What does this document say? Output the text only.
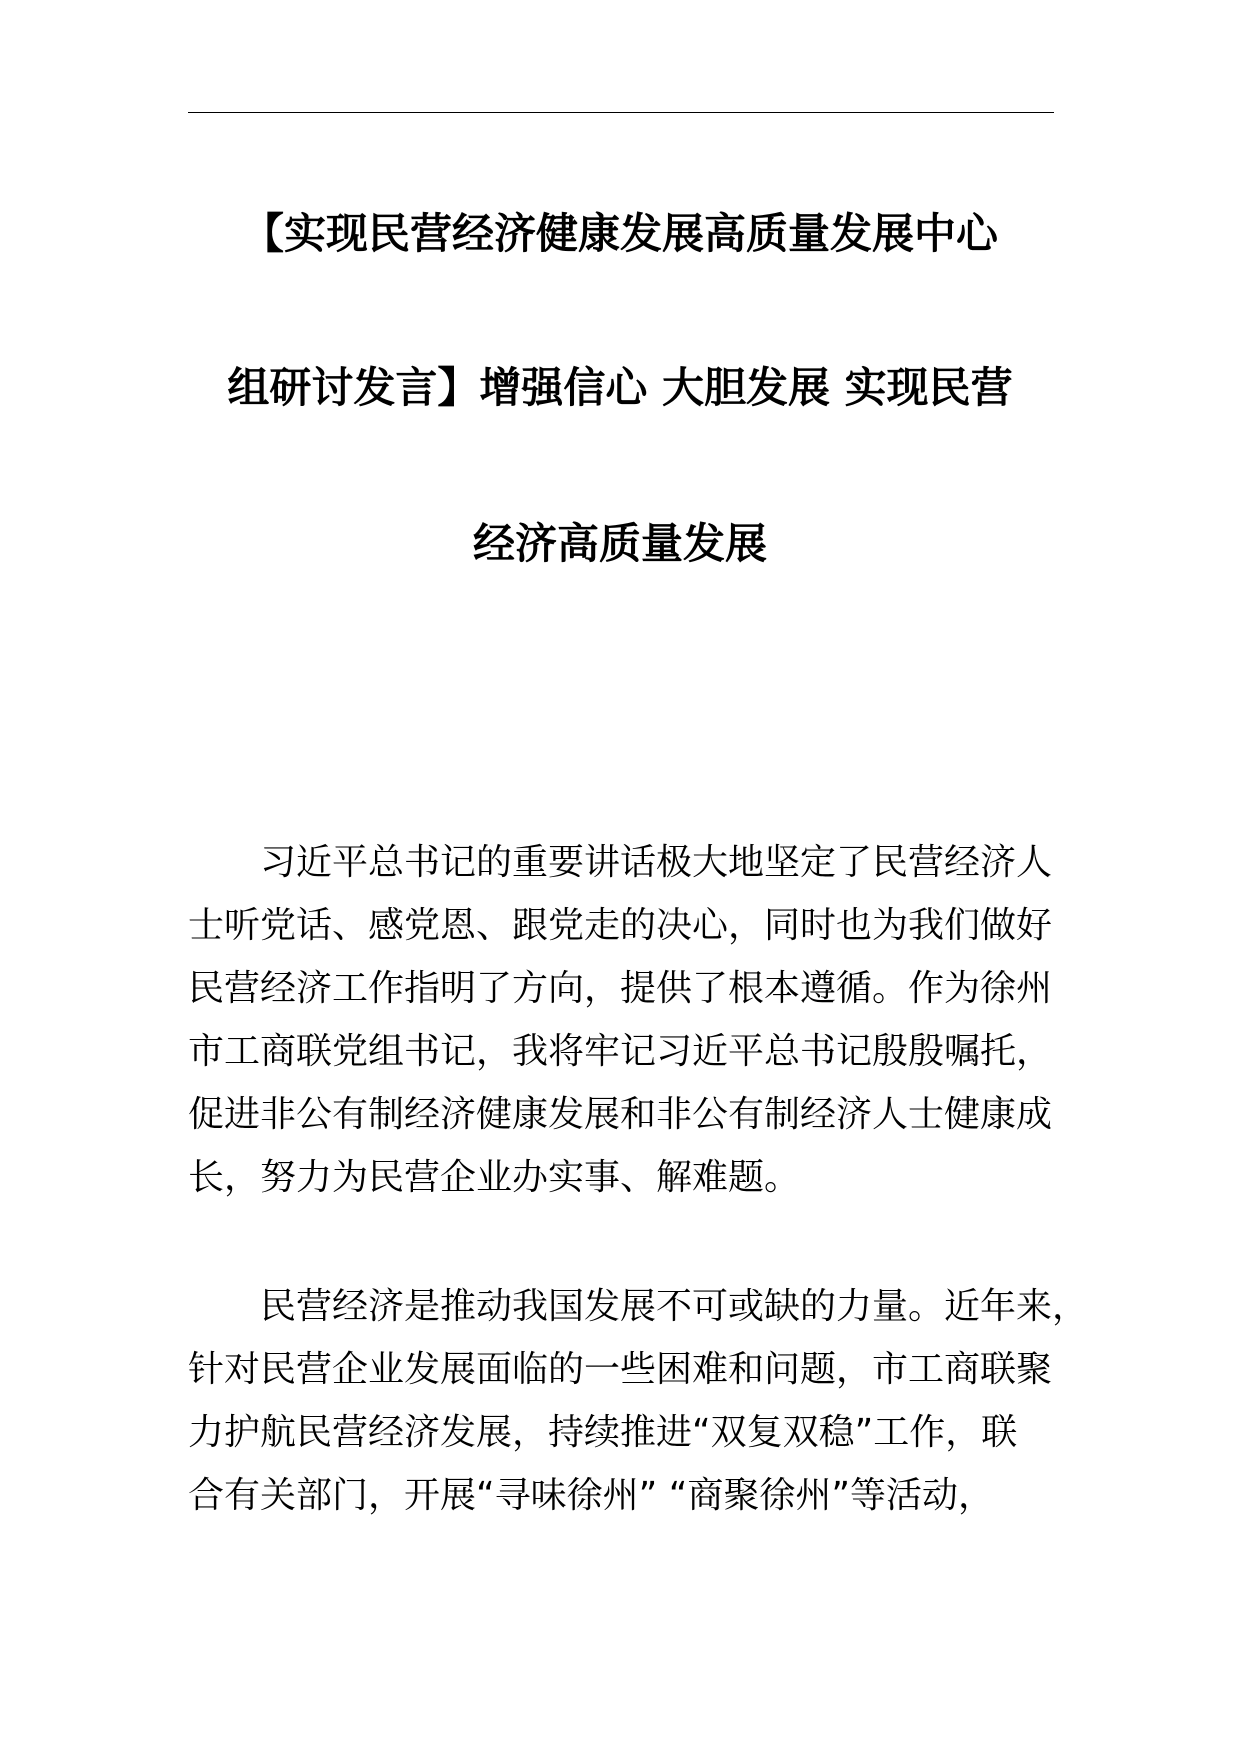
【实现民营经济健康发展高质量发展中心
组研讨发言】增强信心 大胆发展 实现民营
经济高质量发展
习近平总书记的重要讲话极大地坚定了民营经济人
士听党话、感党恩、跟党走的决心，同时也为我们做好
民营经济工作指明了方向，提供了根本遵循。作为徐州
市工商联党组书记，我将牢记习近平总书记殷殷嘱托，
促进非公有制经济健康发展和非公有制经济人士健康成
长，努力为民营企业办实事、解难题。
民营经济是推动我国发展不可或缺的力量。近年来，
针对民营企业发展面临的一些困难和问题，市工商联聚
力护航民营经济发展，持续推进“双复双稳”工作，联
合有关部门，开展“寻味徐州” “商聚徐州”等活动，
